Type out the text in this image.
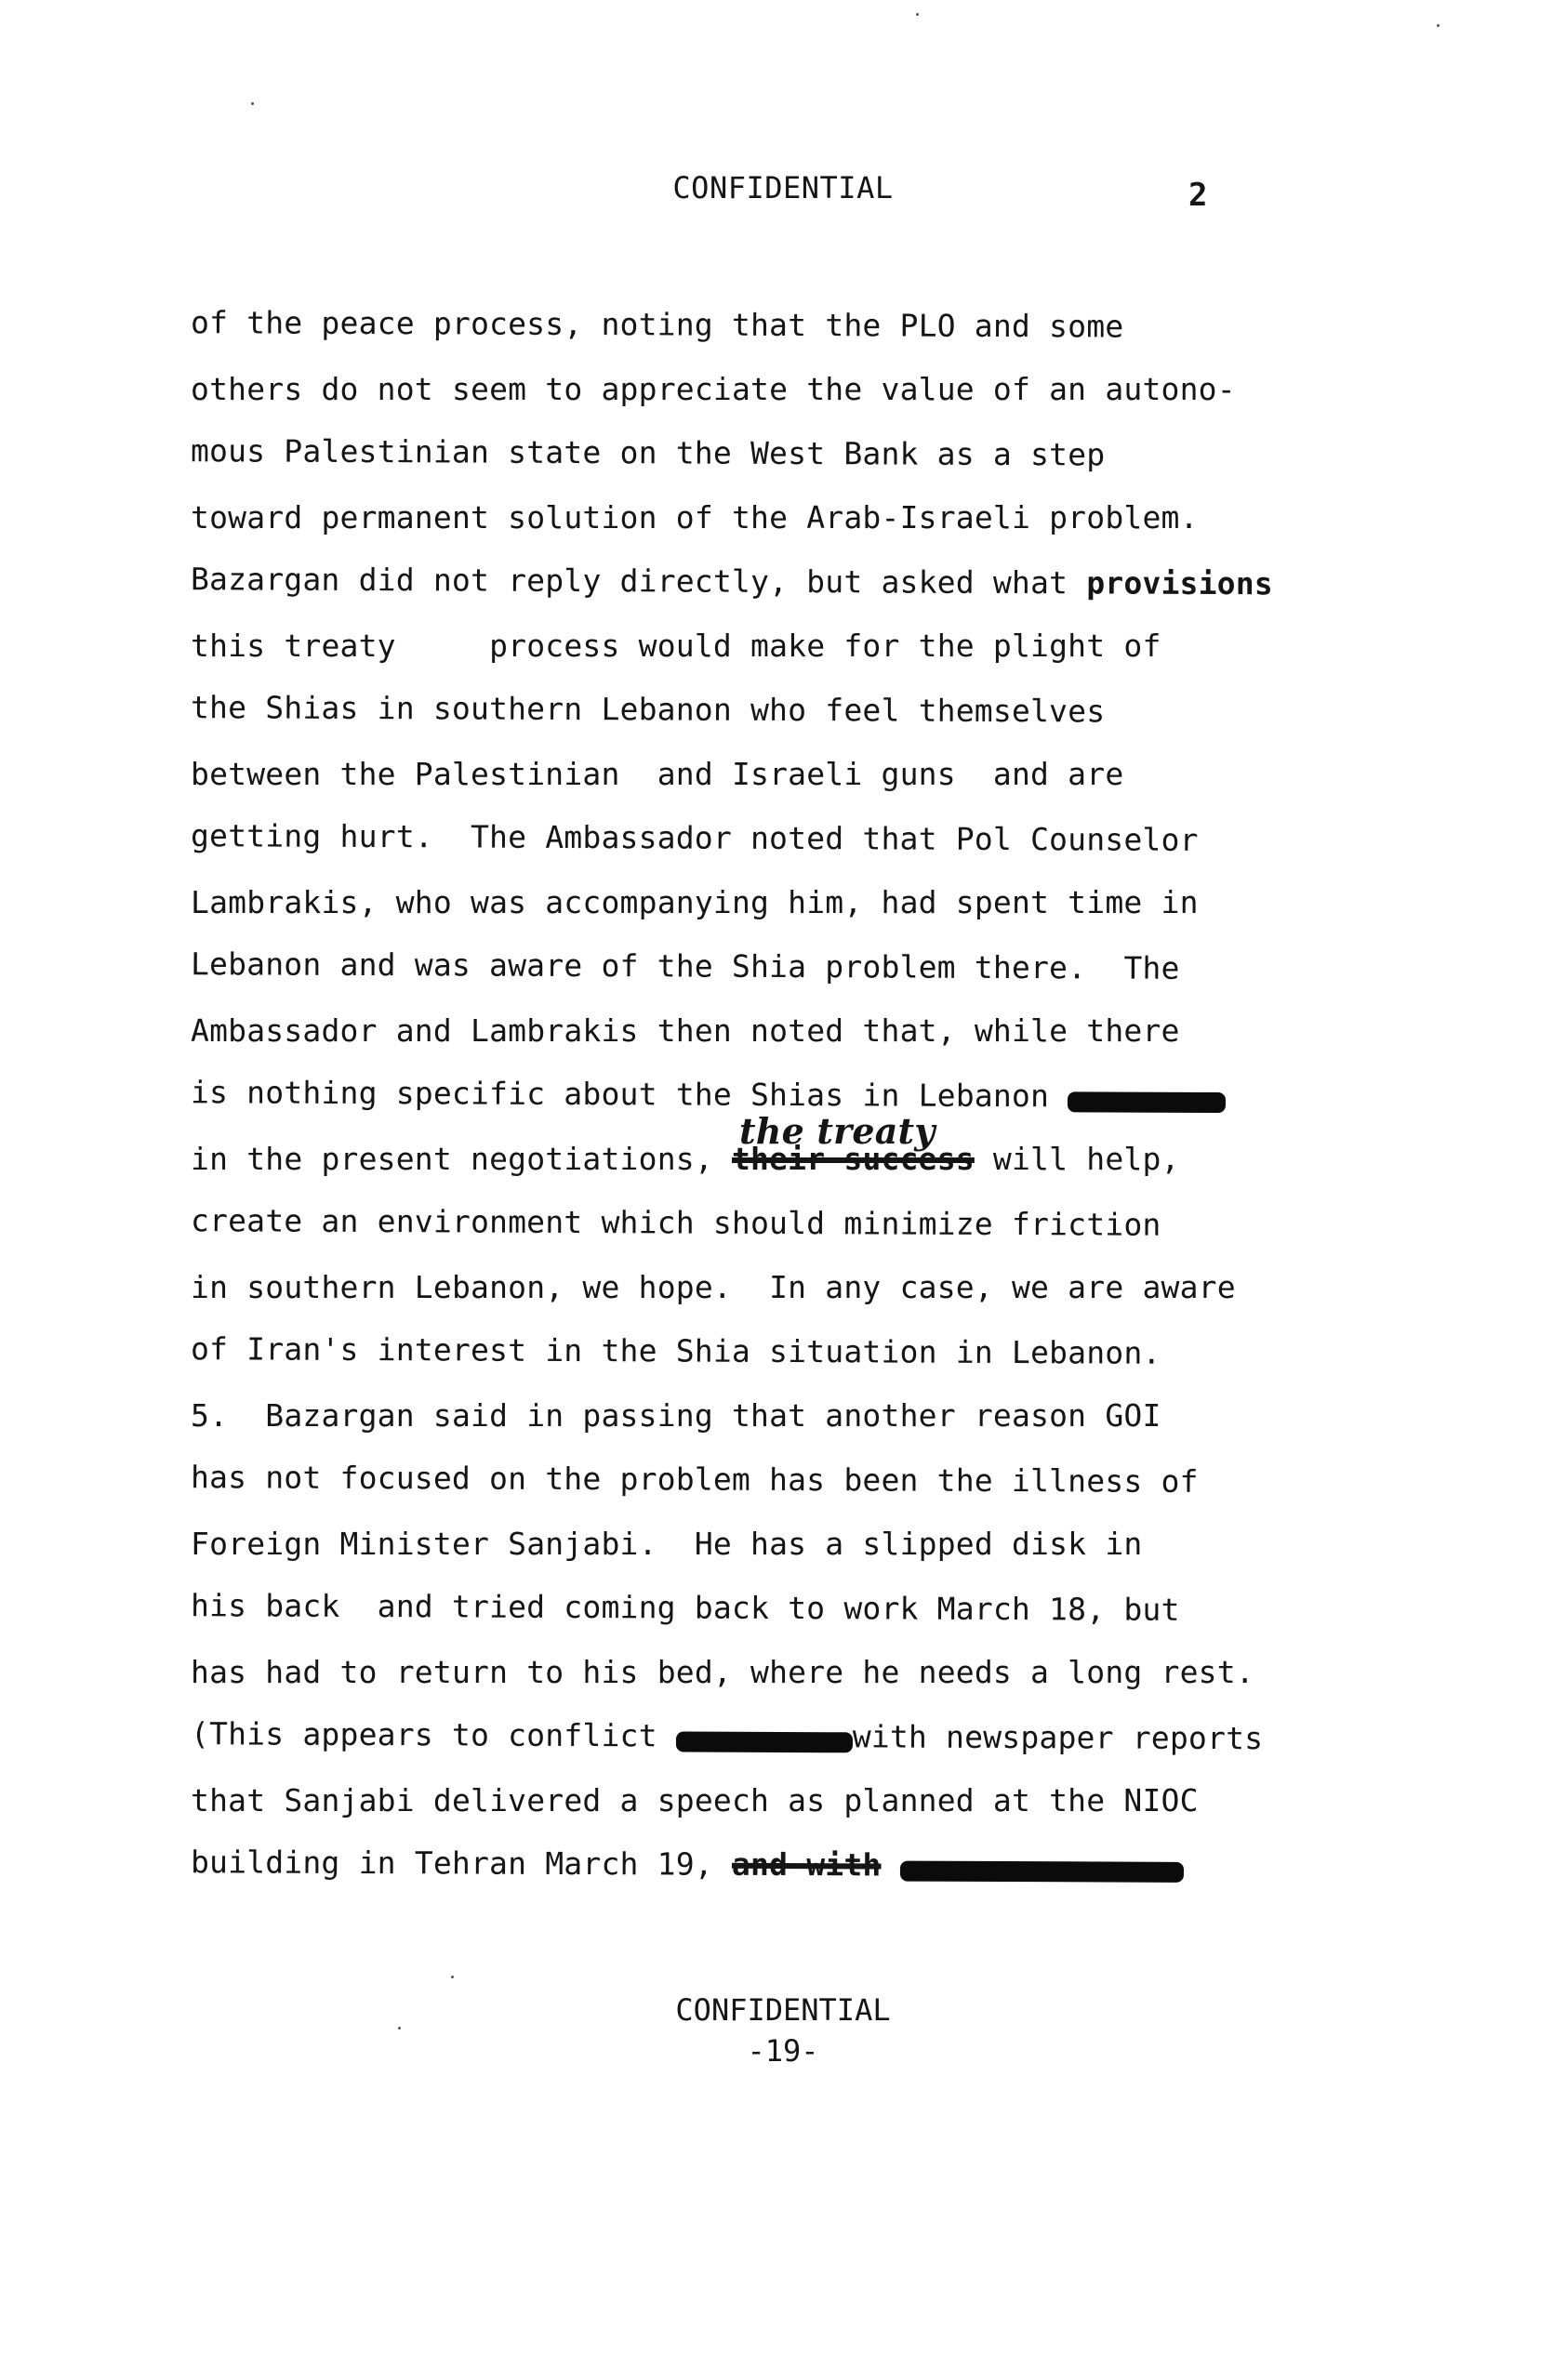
CONFIDENTIAL	2
of the peace process, noting that the PLO and some
others do not seem to appreciate the value of an autono-
mous Palestinian state on the West Bank as a step
toward permanent solution of the Arab-Israeli problem.
Bazargan did not reply directly, but asked what provisions
this treaty     process would make for the plight of
the Shias in southern Lebanon who feel themselves
between the Palestinian  and Israeli guns  and are
getting hurt.  The Ambassador noted that Pol Counselor
Lambrakis, who was accompanying him, had spent time in
Lebanon and was aware of the Shia problem there.  The
Ambassador and Lambrakis then noted that, while there
is nothing specific about the Shias in Lebanon
in the present negotiations, their success will help,
the treaty
create an environment which should minimize friction
in southern Lebanon, we hope.  In any case, we are aware
of Iran's interest in the Shia situation in Lebanon.
5.  Bazargan said in passing that another reason GOI
has not focused on the problem has been the illness of
Foreign Minister Sanjabi.  He has a slipped disk in
his back  and tried coming back to work March 18, but
has had to return to his bed, where he needs a long rest.
(This appears to conflict	with newspaper reports
that Sanjabi delivered a speech as planned at the NIOC
building in Tehran March 19, and with
CONFIDENTIAL
-19-
